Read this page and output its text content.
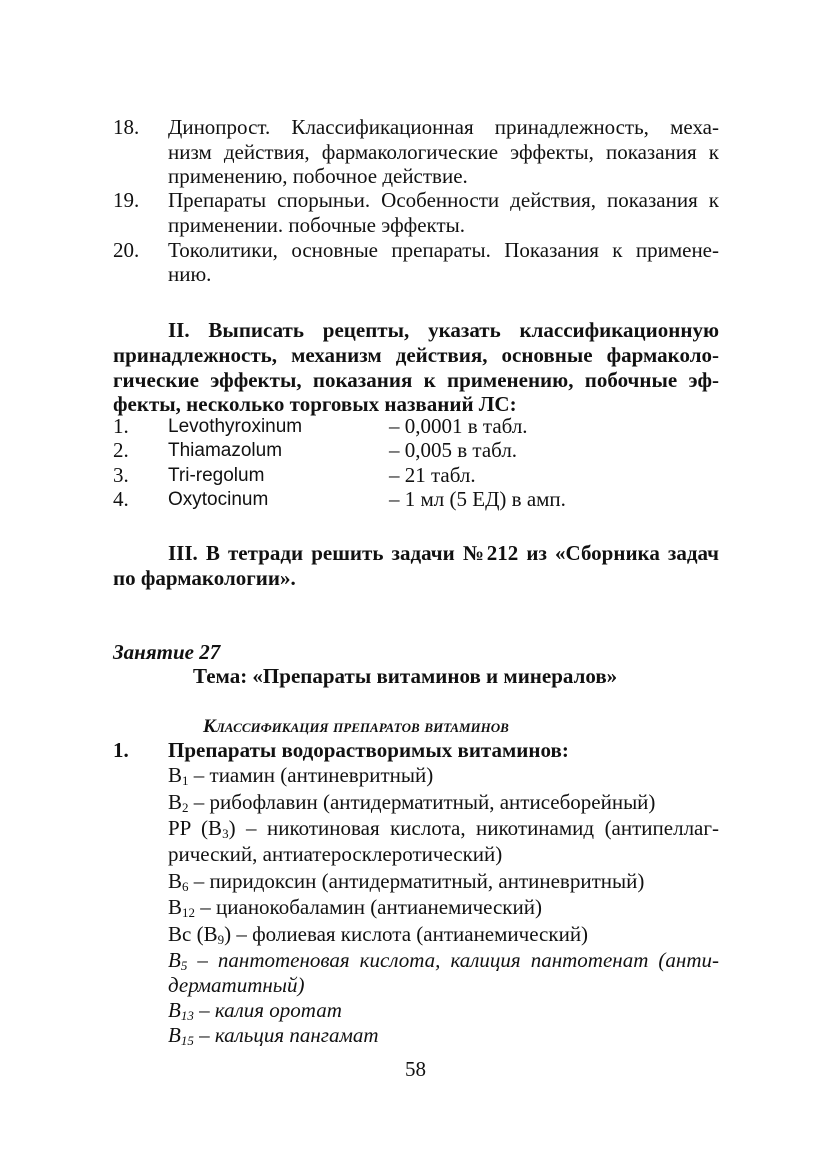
18. Динопрост. Классификационная принадлежность, меха-
низм действия, фармакологические эффекты, показания к
применению, побочное действие.
19. Препараты спорыньи. Особенности действия, показания к
применении. побочные эффекты.
20. Токолитики, основные препараты. Показания к примене-
нию.
II. Выписать рецепты, указать классификационную
принадлежность, механизм действия, основные фармаколо-
гические эффекты, показания к применению, побочные эф-
фекты, несколько торговых названий ЛС:
1. Levothyroxinum	– 0,0001 в табл.
2. Thiamazolum	– 0,005 в табл.
3. Tri-regolum	– 21 табл.
4. Oxytocinum	– 1 мл (5 ЕД) в амп.
III. В тетради решить задачи №212 из «Сборника задач
по фармакологии».
Занятие 27
Тема: «Препараты витаминов и минералов»
Классификация препаратов витаминов
1. Препараты водорастворимых витаминов:
$B_1$ – тиамин (антиневритный)
$B_2$ – рибофлавин (антидерматитный, антисеборейный)
PP $(B_3)$ – никотиновая кислота, никотинамид (антипеллаг-
рический, антиатеросклеротический)
$B_6$ – пиридоксин (антидерматитный, антиневритный)
$B_{12}$ – цианокобаламин (антианемический)
Bc $(B_9)$ – фолиевая кислота (антианемический)
$B_5$ – пантотеновая кислота, калиция пантотенат (анти-
дерматитный)
$B_{13}$ – калия оротат
$B_{15}$ – кальция пангамат
58
